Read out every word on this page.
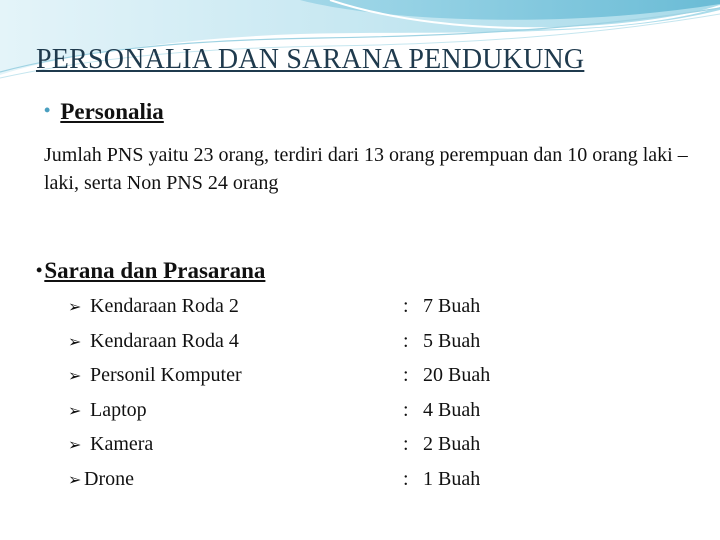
PERSONALIA DAN SARANA PENDUKUNG
• Personalia
Jumlah PNS yaitu 23 orang, terdiri dari 13 orang perempuan dan 10 orang laki – laki, serta Non PNS 24 orang
•Sarana dan Prasarana
➢ Kendaraan Roda 2
➢ Kendaraan Roda 4
➢ Personil Komputer
➢ Laptop
➢ Kamera
➢ Drone
:
:
:
:
:
:
7 Buah
5 Buah
20 Buah
4 Buah
2 Buah
1 Buah
